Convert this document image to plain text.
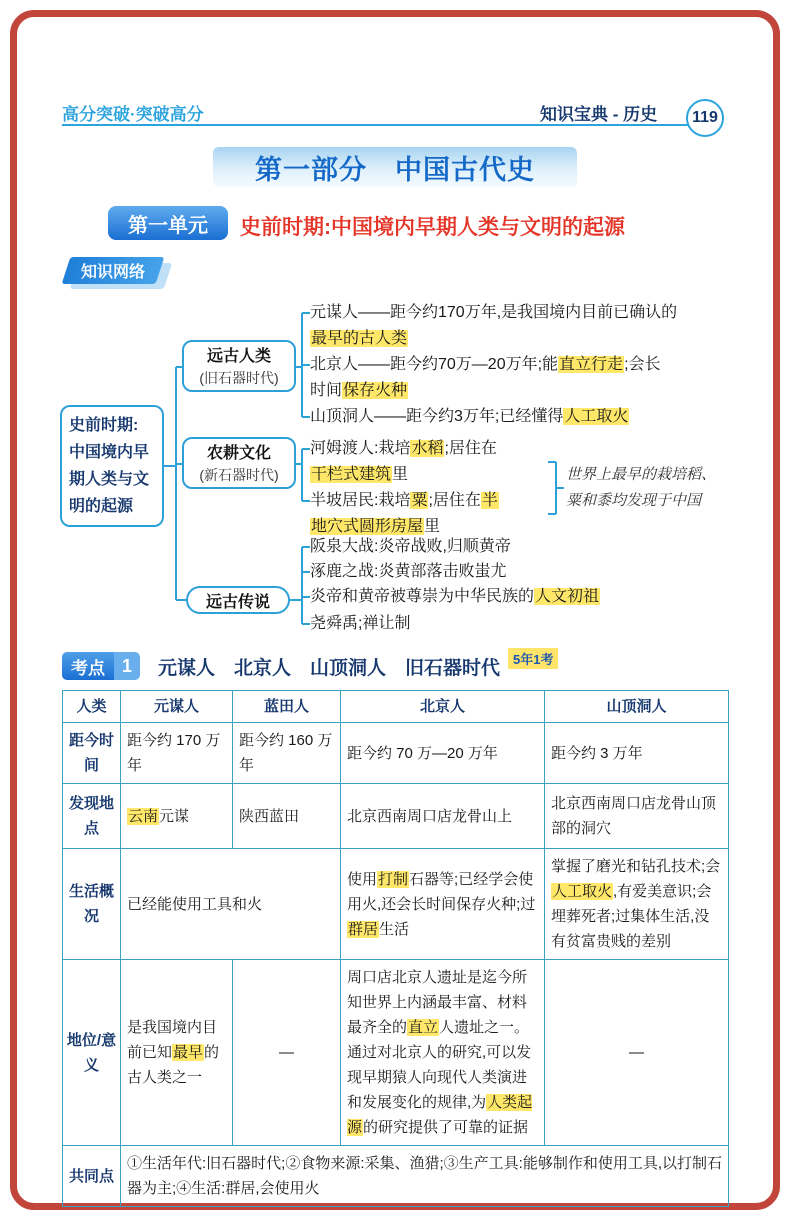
高分突破·突破高分	知识宝典 - 历史	119
第一部分　中国古代史
第一单元	史前时期:中国境内早期人类与文明的起源
知识网络
史前时期:
中国境内早
期人类与文
明的起源
远古人类
(旧石器时代)
农耕文化
(新石器时代)
远古传说
元谋人——距今约170万年,是我国境内目前已确认的
最早的古人类
北京人——距今约70万—20万年;能直立行走;会长
时间保存火种
山顶洞人——距今约3万年;已经懂得人工取火
河姆渡人:栽培水稻;居住在
干栏式建筑里
半坡居民:栽培粟;居住在半
地穴式圆形房屋里
世界上最早的栽培稻、
粟和黍均发现于中国
阪泉大战:炎帝战败,归顺黄帝
涿鹿之战:炎黄部落击败蚩尤
炎帝和黄帝被尊崇为中华民族的人文初祖
尧舜禹;禅让制
考点 1	元谋人　北京人　山顶洞人　旧石器时代	5年1考
人类	元谋人	蓝田人	北京人	山顶洞人
距今时间	距今约 170 万年	距今约 160 万年	距今约 70 万—20 万年	距今约 3 万年
发现地点	云南元谋	陕西蓝田	北京西南周口店龙骨山上	北京西南周口店龙骨山顶部的洞穴
生活概况	已经能使用工具和火		使用打制石器等;已经学会使用火,还会长时间保存火种;过群居生活	掌握了磨光和钻孔技术;会人工取火,有爱美意识;会埋葬死者;过集体生活,没有贫富贵贱的差别
地位/意义	是我国境内目前已知最早的古人类之一	—	周口店北京人遗址是迄今所知世界上内涵最丰富、材料最齐全的直立人遗址之一。通过对北京人的研究,可以发现早期猿人向现代人类演进和发展变化的规律,为人类起源的研究提供了可靠的证据	—
共同点	①生活年代:旧石器时代;②食物来源:采集、渔猎;③生产工具:能够制作和使用工具,以打制石器为主;④生活:群居,会使用火			
